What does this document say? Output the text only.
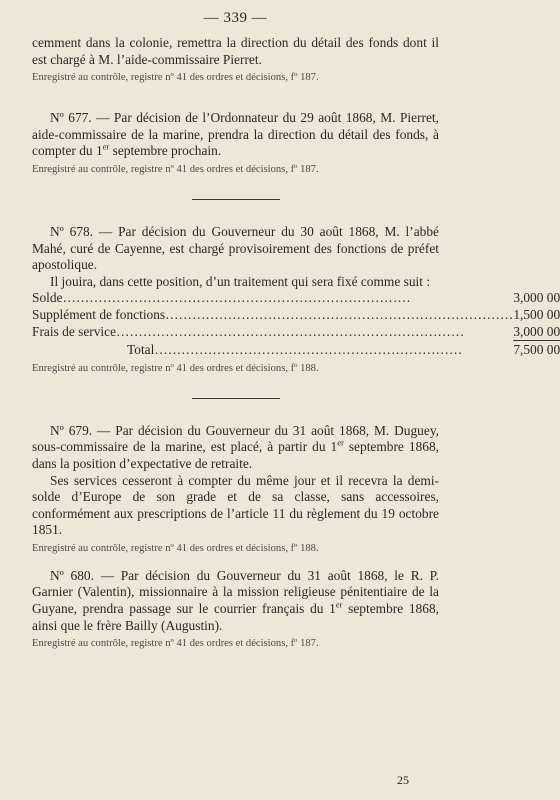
— 339 —

cemment dans la colonie, remettra la direction du détail des fonds dont il est chargé à M. l’aide-commissaire Pierret.

Enregistré au contrôle, registre nº 41 des ordres et décisions, fº 187.

Nº 677. — Par décision de l’Ordonnateur du 29 août 1868, M. Pierret, aide-commissaire de la marine, prendra la direction du détail des fonds, à compter du 1er septembre prochain.

Enregistré au contrôle, registre nº 41 des ordres et décisions, fº 187.

Nº 678. — Par décision du Gouverneur du 30 août 1868, M. l’abbé Mahé, curé de Cayenne, est chargé provisoirement des fonctions de préfet apostolique.

Il jouira, dans cette position, d’un traitement qui sera fixé comme suit :

Solde……………………………………………………………………	3,000 00
Supplément de fonctions……………………………………………………………………	1,500 00
Frais de service……………………………………………………………………	3,000 00
Total……………………………………………………………	7,500 00

Enregistré au contrôle, registre nº 41 des ordres et décisions, fº 188.

Nº 679. — Par décision du Gouverneur du 31 août 1868, M. Duguey, sous-commissaire de la marine, est placé, à partir du 1er septembre 1868, dans la position d’expectative de retraite.

Ses services cesseront à compter du même jour et il recevra la demi-solde d’Europe de son grade et de sa classe, sans accessoires, conformément aux prescriptions de l’article 11 du règlement du 19 octobre 1851.

Enregistré au contrôle, registre nº 41 des ordres et décisions, fº 188.

Nº 680. — Par décision du Gouverneur du 31 août 1868, le R. P. Garnier (Valentin), missionnaire à la mission religieuse pénitentiaire de la Guyane, prendra passage sur le courrier français du 1er septembre 1868, ainsi que le frère Bailly (Augustin).

Enregistré au contrôle, registre nº 41 des ordres et décisions, fº 187.

25
